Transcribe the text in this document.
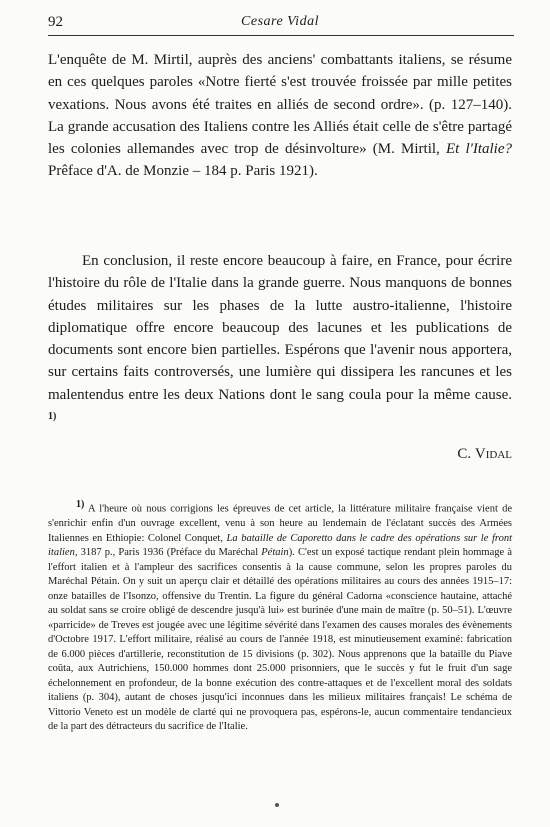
92	Cesare Vidal

L'enquête de M. Mirtil, auprès des anciens' combattants italiens, se résume en ces quelques paroles «Notre fierté s'est trouvée froissée par mille petites vexations. Nous avons été traites en alliés de second ordre». (p. 127–140). La grande accusation des Italiens contre les Alliés était celle de s'être partagé les colonies allemandes avec trop de désinvolture» (M. Mirtil, Et l'Italie? Prêface d'A. de Monzie – 184 p. Paris 1921).

En conclusion, il reste encore beaucoup à faire, en France, pour écrire l'histoire du rôle de l'Italie dans la grande guerre. Nous manquons de bonnes études militaires sur les phases de la lutte austro-italienne, l'histoire diplomatique offre encore beaucoup des lacunes et les publications de documents sont encore bien partielles. Espérons que l'avenir nous apportera, sur certains faits controversés, une lumière qui dissipera les rancunes et les malentendus entre les deux Nations dont le sang coula pour la même cause. $^{1)}$

C. Vidal

$^{1)}$ A l'heure où nous corrigions les épreuves de cet article, la littérature militaire française vient de s'enrichir enfin d'un ouvrage excellent, venu à son heure au lendemain de l'éclatant succès des Armées Italiennes en Ethiopie: Colonel Conquet, La bataille de Caporetto dans le cadre des opérations sur le front italien, 3187 p., Paris 1936 (Préface du Maréchal Pétain). C'est un exposé tactique rendant plein hommage à l'effort italien et à l'ampleur des sacrifices consentis à la cause commune, selon les propres paroles du Maréchal Pétain. On y suit un aperçu clair et détaillé des opérations militaires au cours des années 1915–17: onze batailles de l'Isonzo, offensive du Trentin. La figure du général Cadorna «conscience hautaine, attaché au soldat sans se croire obligé de descendre jusqu'à lui» est burinée d'une main de maître (p. 50–51). L'œuvre «parricide» de Treves est jougée avec une légitime sévérité dans l'examen des causes morales des évènements d'Octobre 1917. L'effort militaire, réalisé au cours de l'année 1918, est minutieusement examiné: fabrication de 6.000 pièces d'artillerie, reconstitution de 15 divisions (p. 302). Nous apprenons que la bataille du Piave coûta, aux Autrichiens, 150.000 hommes dont 25.000 prisonniers, que le succès y fut le fruit d'un sage échelonnement en profondeur, de la bonne exécution des contre-attaques et de l'excellent moral des soldats italiens (p. 304), autant de choses jusqu'ici inconnues dans les milieux militaires français! Le schéma de Vittorio Veneto est un modèle de clarté qui ne provoquera pas, espérons-le, aucun commentaire tendancieux de la part des détracteurs du sacrifice de l'Italie.
